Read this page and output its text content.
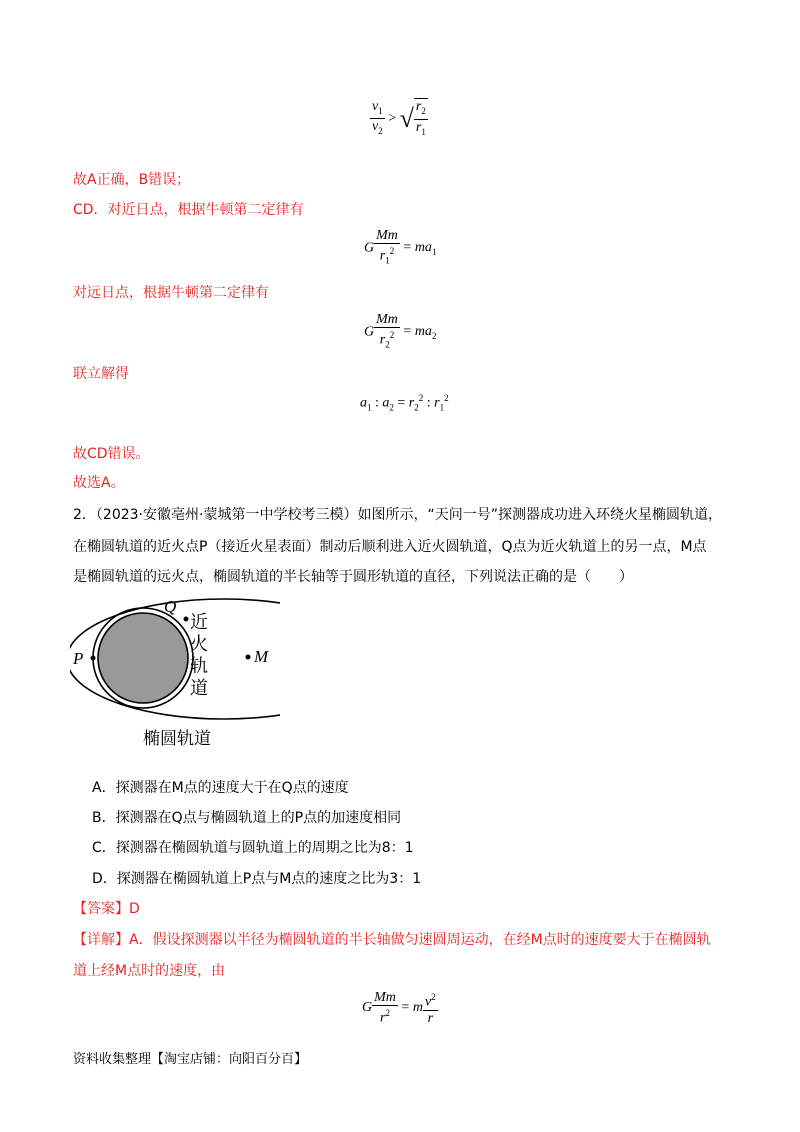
$\frac{v_1}{v_2}$ > √ $\frac{r_2}{r_1}$
故A正确，B错误；
CD．对近日点，根据牛顿第二定律有
G $\frac{Mm}{r_1^2} = ma_1$
对远日点，根据牛顿第二定律有
G $\frac{Mm}{r_2^2} = ma_2$
联立解得
$a_1$ : $a_2 = r_2^2$ : $r_1^2$
故CD错误。
故选A。
2．（2023·安徽亳州·蒙城第一中学校考三模）如图所示，“天问一号”探测器成功进入环绕火星椭圆轨道，
在椭圆轨道的近火点P（接近火星表面）制动后顺利进入近火圆轨道，Q点为近火轨道上的另一点，M点
是椭圆轨道的远火点，椭圆轨道的半长轴等于圆形轨道的直径，下列说法正确的是（　　）
P
Q
M
近
火
轨
道
椭圆轨道
A．探测器在M点的速度大于在Q点的速度
B．探测器在Q点与椭圆轨道上的P点的加速度相同
C．探测器在椭圆轨道与圆轨道上的周期之比为8：1
D．探测器在椭圆轨道上P点与M点的速度之比为3：1
【答案】D
【详解】A．假设探测器以半径为椭圆轨道的半长轴做匀速圆周运动，在经M点时的速度要大于在椭圆轨
道上经M点时的速度，由
G $\frac{Mm}{r^2} = m \frac{v^2}{r}$
资料收集整理【淘宝店铺：向阳百分百】
